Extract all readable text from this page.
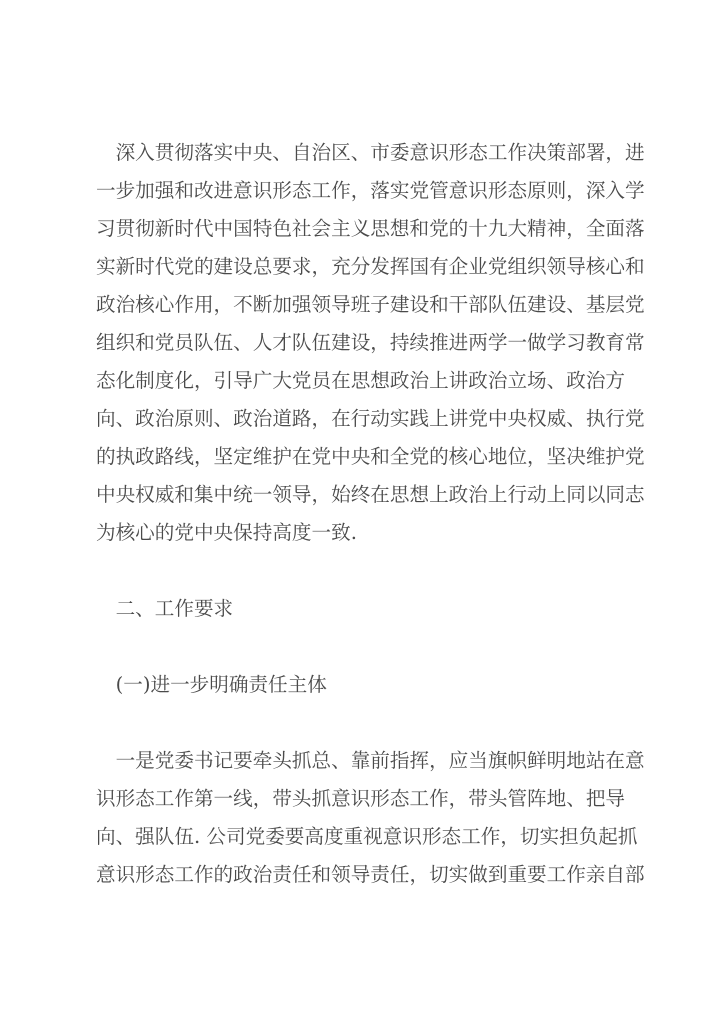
深入贯彻落实中央、自治区、市委意识形态工作决策部署，进
一步加强和改进意识形态工作，落实党管意识形态原则，深入学
习贯彻新时代中国特色社会主义思想和党的十九大精神，全面落
实新时代党的建设总要求，充分发挥国有企业党组织领导核心和
政治核心作用，不断加强领导班子建设和干部队伍建设、基层党
组织和党员队伍、人才队伍建设，持续推进两学一做学习教育常
态化制度化，引导广大党员在思想政治上讲政治立场、政治方
向、政治原则、政治道路，在行动实践上讲党中央权威、执行党
的执政路线，坚定维护在党中央和全党的核心地位，坚决维护党
中央权威和集中统一领导，始终在思想上政治上行动上同以同志
为核心的党中央保持高度一致.
二、工作要求
(一)进一步明确责任主体
一是党委书记要牵头抓总、靠前指挥，应当旗帜鲜明地站在意
识形态工作第一线，带头抓意识形态工作，带头管阵地、把导
向、强队伍. 公司党委要高度重视意识形态工作，切实担负起抓
意识形态工作的政治责任和领导责任，切实做到重要工作亲自部
